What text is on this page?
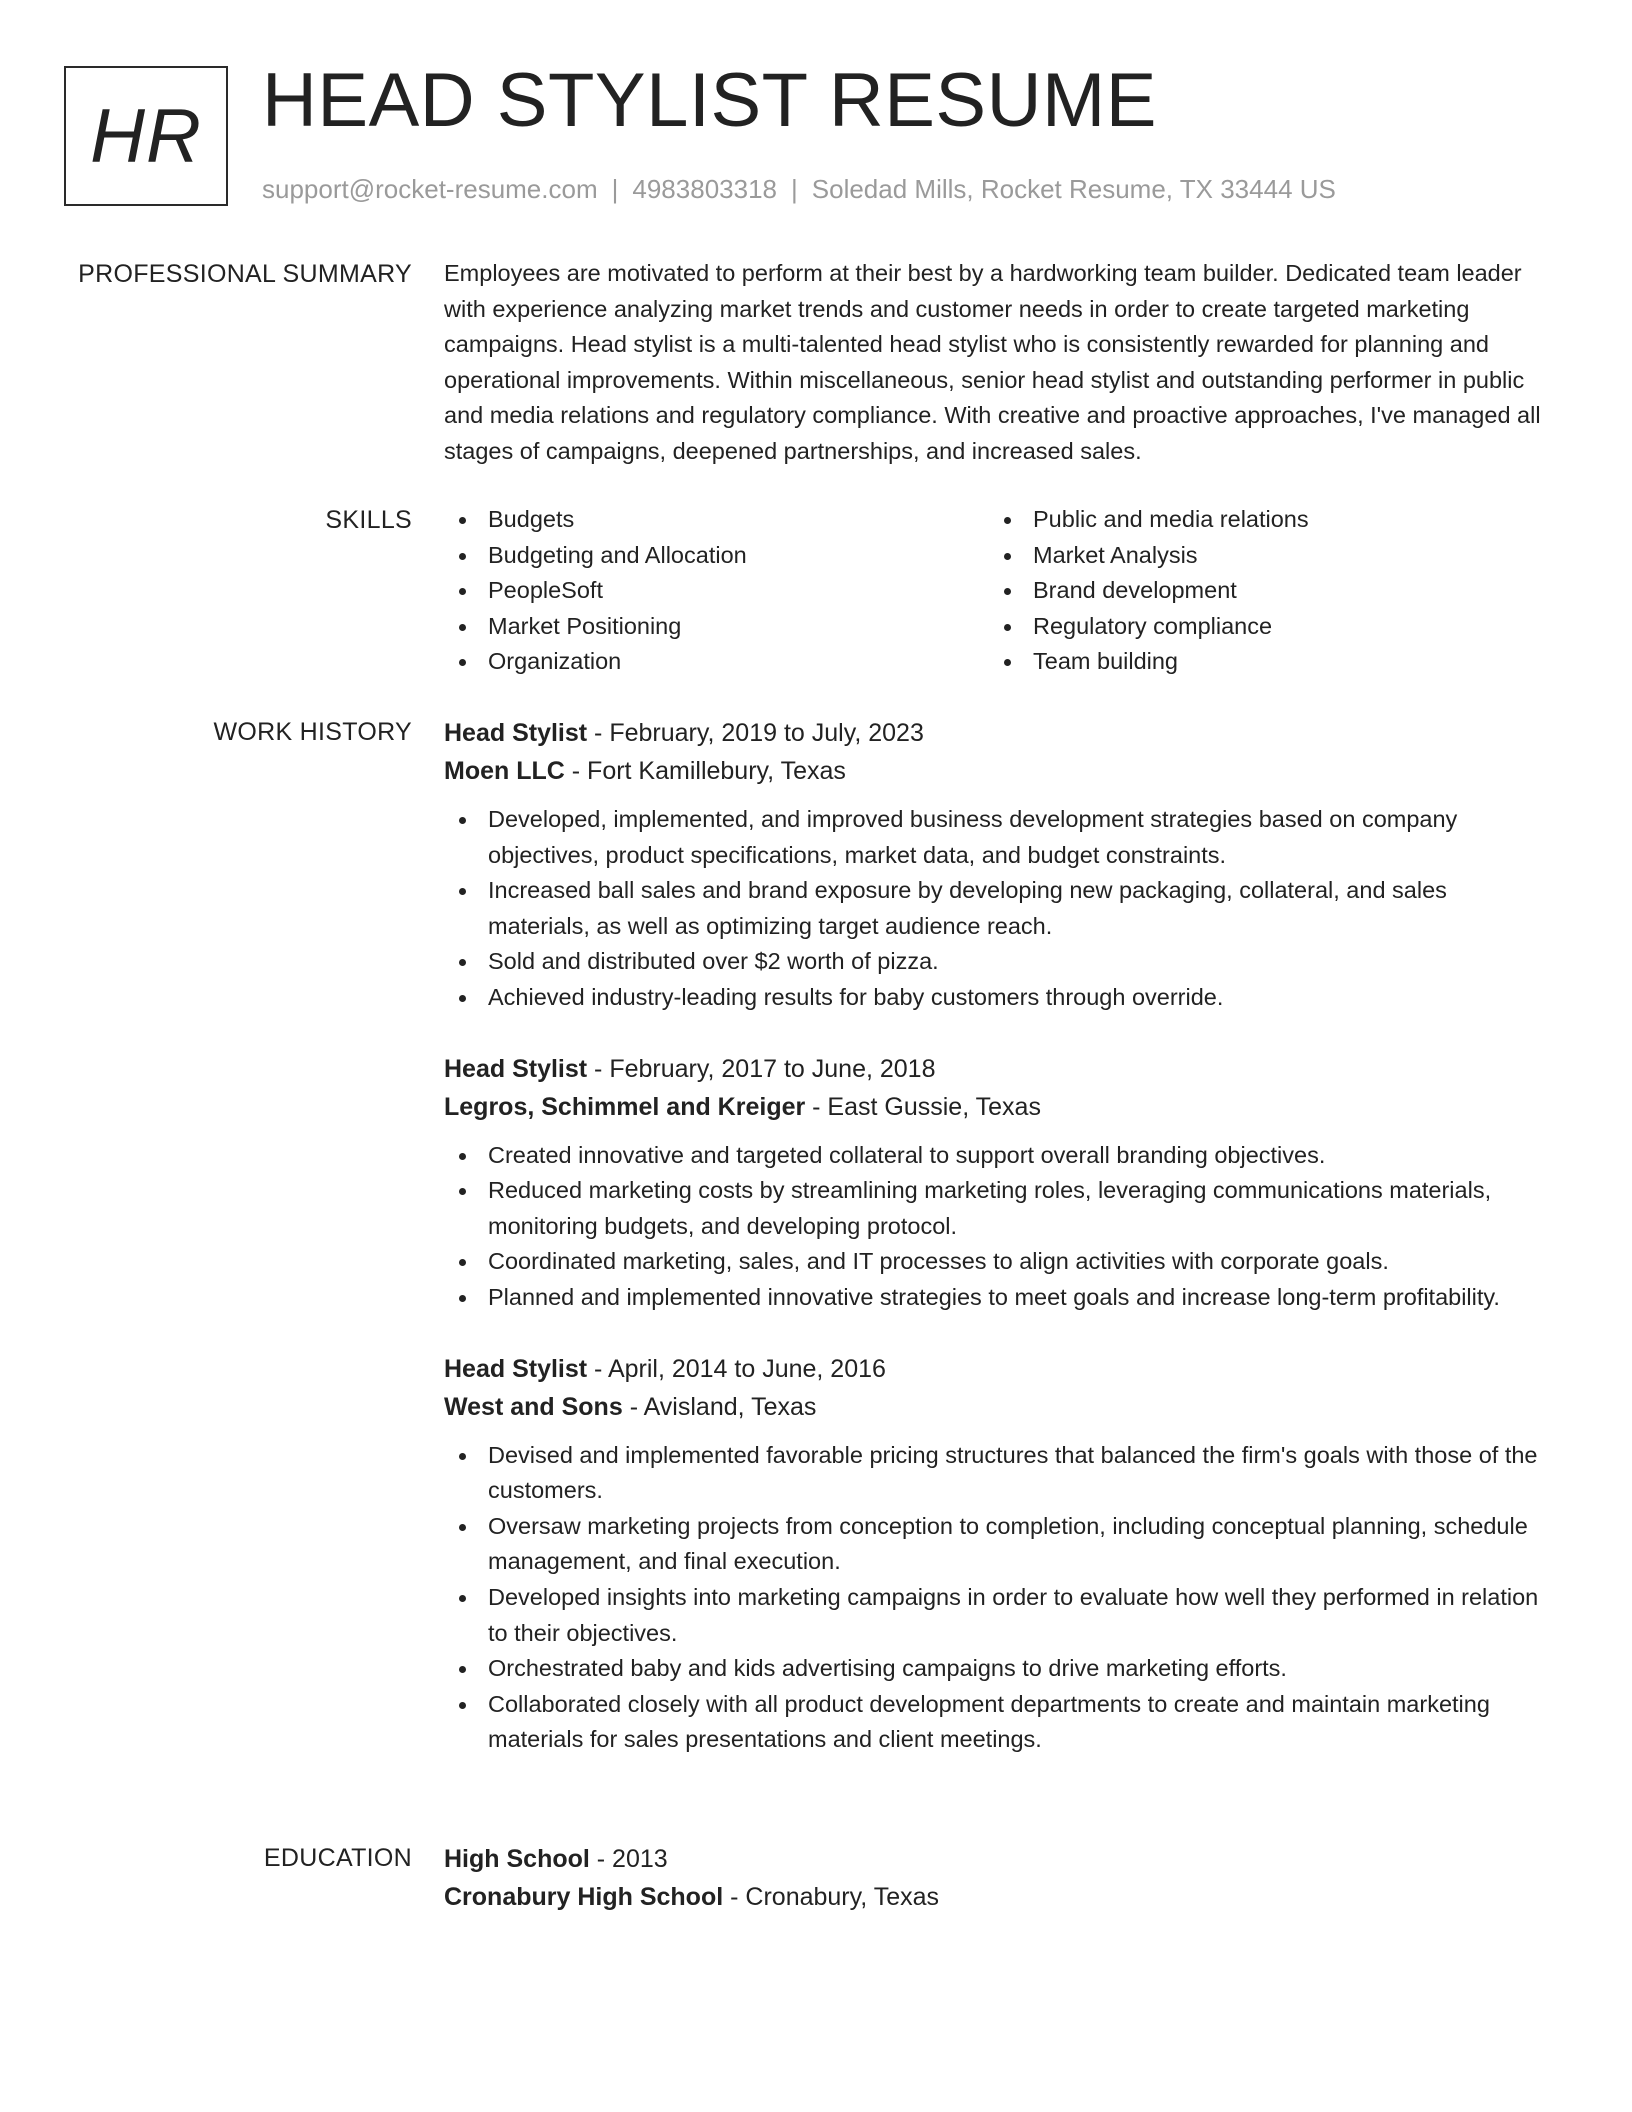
HR HEAD STYLIST RESUME
support@rocket-resume.com | 4983803318 | Soledad Mills, Rocket Resume, TX 33444 US
PROFESSIONAL SUMMARY Employees are motivated to perform at their best by a hardworking team builder. Dedicated team leader with experience analyzing market trends and customer needs in order to create targeted marketing campaigns. Head stylist is a multi-talented head stylist who is consistently rewarded for planning and operational improvements. Within miscellaneous, senior head stylist and outstanding performer in public and media relations and regulatory compliance. With creative and proactive approaches, I've managed all stages of campaigns, deepened partnerships, and increased sales.

SKILLS	Budgets
Budgeting and Allocation
PeopleSoft
Market Positioning
Organization
Public and media relations
Market Analysis
Brand development
Regulatory compliance
Team building
WORK HISTORY Head Stylist - February, 2019 to July, 2023
Moen LLC - Fort Kamillebury, Texas
Developed, implemented, and improved business development strategies based on company objectives, product specifications, market data, and budget constraints.
Increased ball sales and brand exposure by developing new packaging, collateral, and sales materials, as well as optimizing target audience reach.
Sold and distributed over $2 worth of pizza.
Achieved industry-leading results for baby customers through override.
Head Stylist - February, 2017 to June, 2018
Legros, Schimmel and Kreiger - East Gussie, Texas
Created innovative and targeted collateral to support overall branding objectives.
Reduced marketing costs by streamlining marketing roles, leveraging communications materials, monitoring budgets, and developing protocol.
Coordinated marketing, sales, and IT processes to align activities with corporate goals.
Planned and implemented innovative strategies to meet goals and increase long-term profitability.
Head Stylist - April, 2014 to June, 2016
West and Sons - Avisland, Texas
Devised and implemented favorable pricing structures that balanced the firm's goals with those of the customers.
Oversaw marketing projects from conception to completion, including conceptual planning, schedule management, and final execution.
Developed insights into marketing campaigns in order to evaluate how well they performed in relation to their objectives.
Orchestrated baby and kids advertising campaigns to drive marketing efforts.
Collaborated closely with all product development departments to create and maintain marketing materials for sales presentations and client meetings.
EDUCATION High School - 2013
Cronabury High School - Cronabury, Texas
